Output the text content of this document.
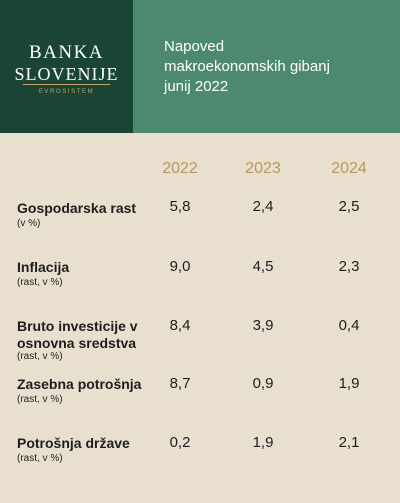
BANKA
SLOVENIJE
EVROSISTEM
Napoved
makroekonomskih gibanj
junij 2022
2022	2023	2024
Gospodarska rast
(v %)
5,8	2,4	2,5
Inflacija
(rast, v %)
9,0	4,5	2,3
Bruto investicije v
osnovna sredstva
(rast, v %)
8,4	3,9	0,4
Zasebna potrošnja
(rast, v %)
8,7	0,9	1,9
Potrošnja države
(rast, v %)
0,2	1,9	2,1
